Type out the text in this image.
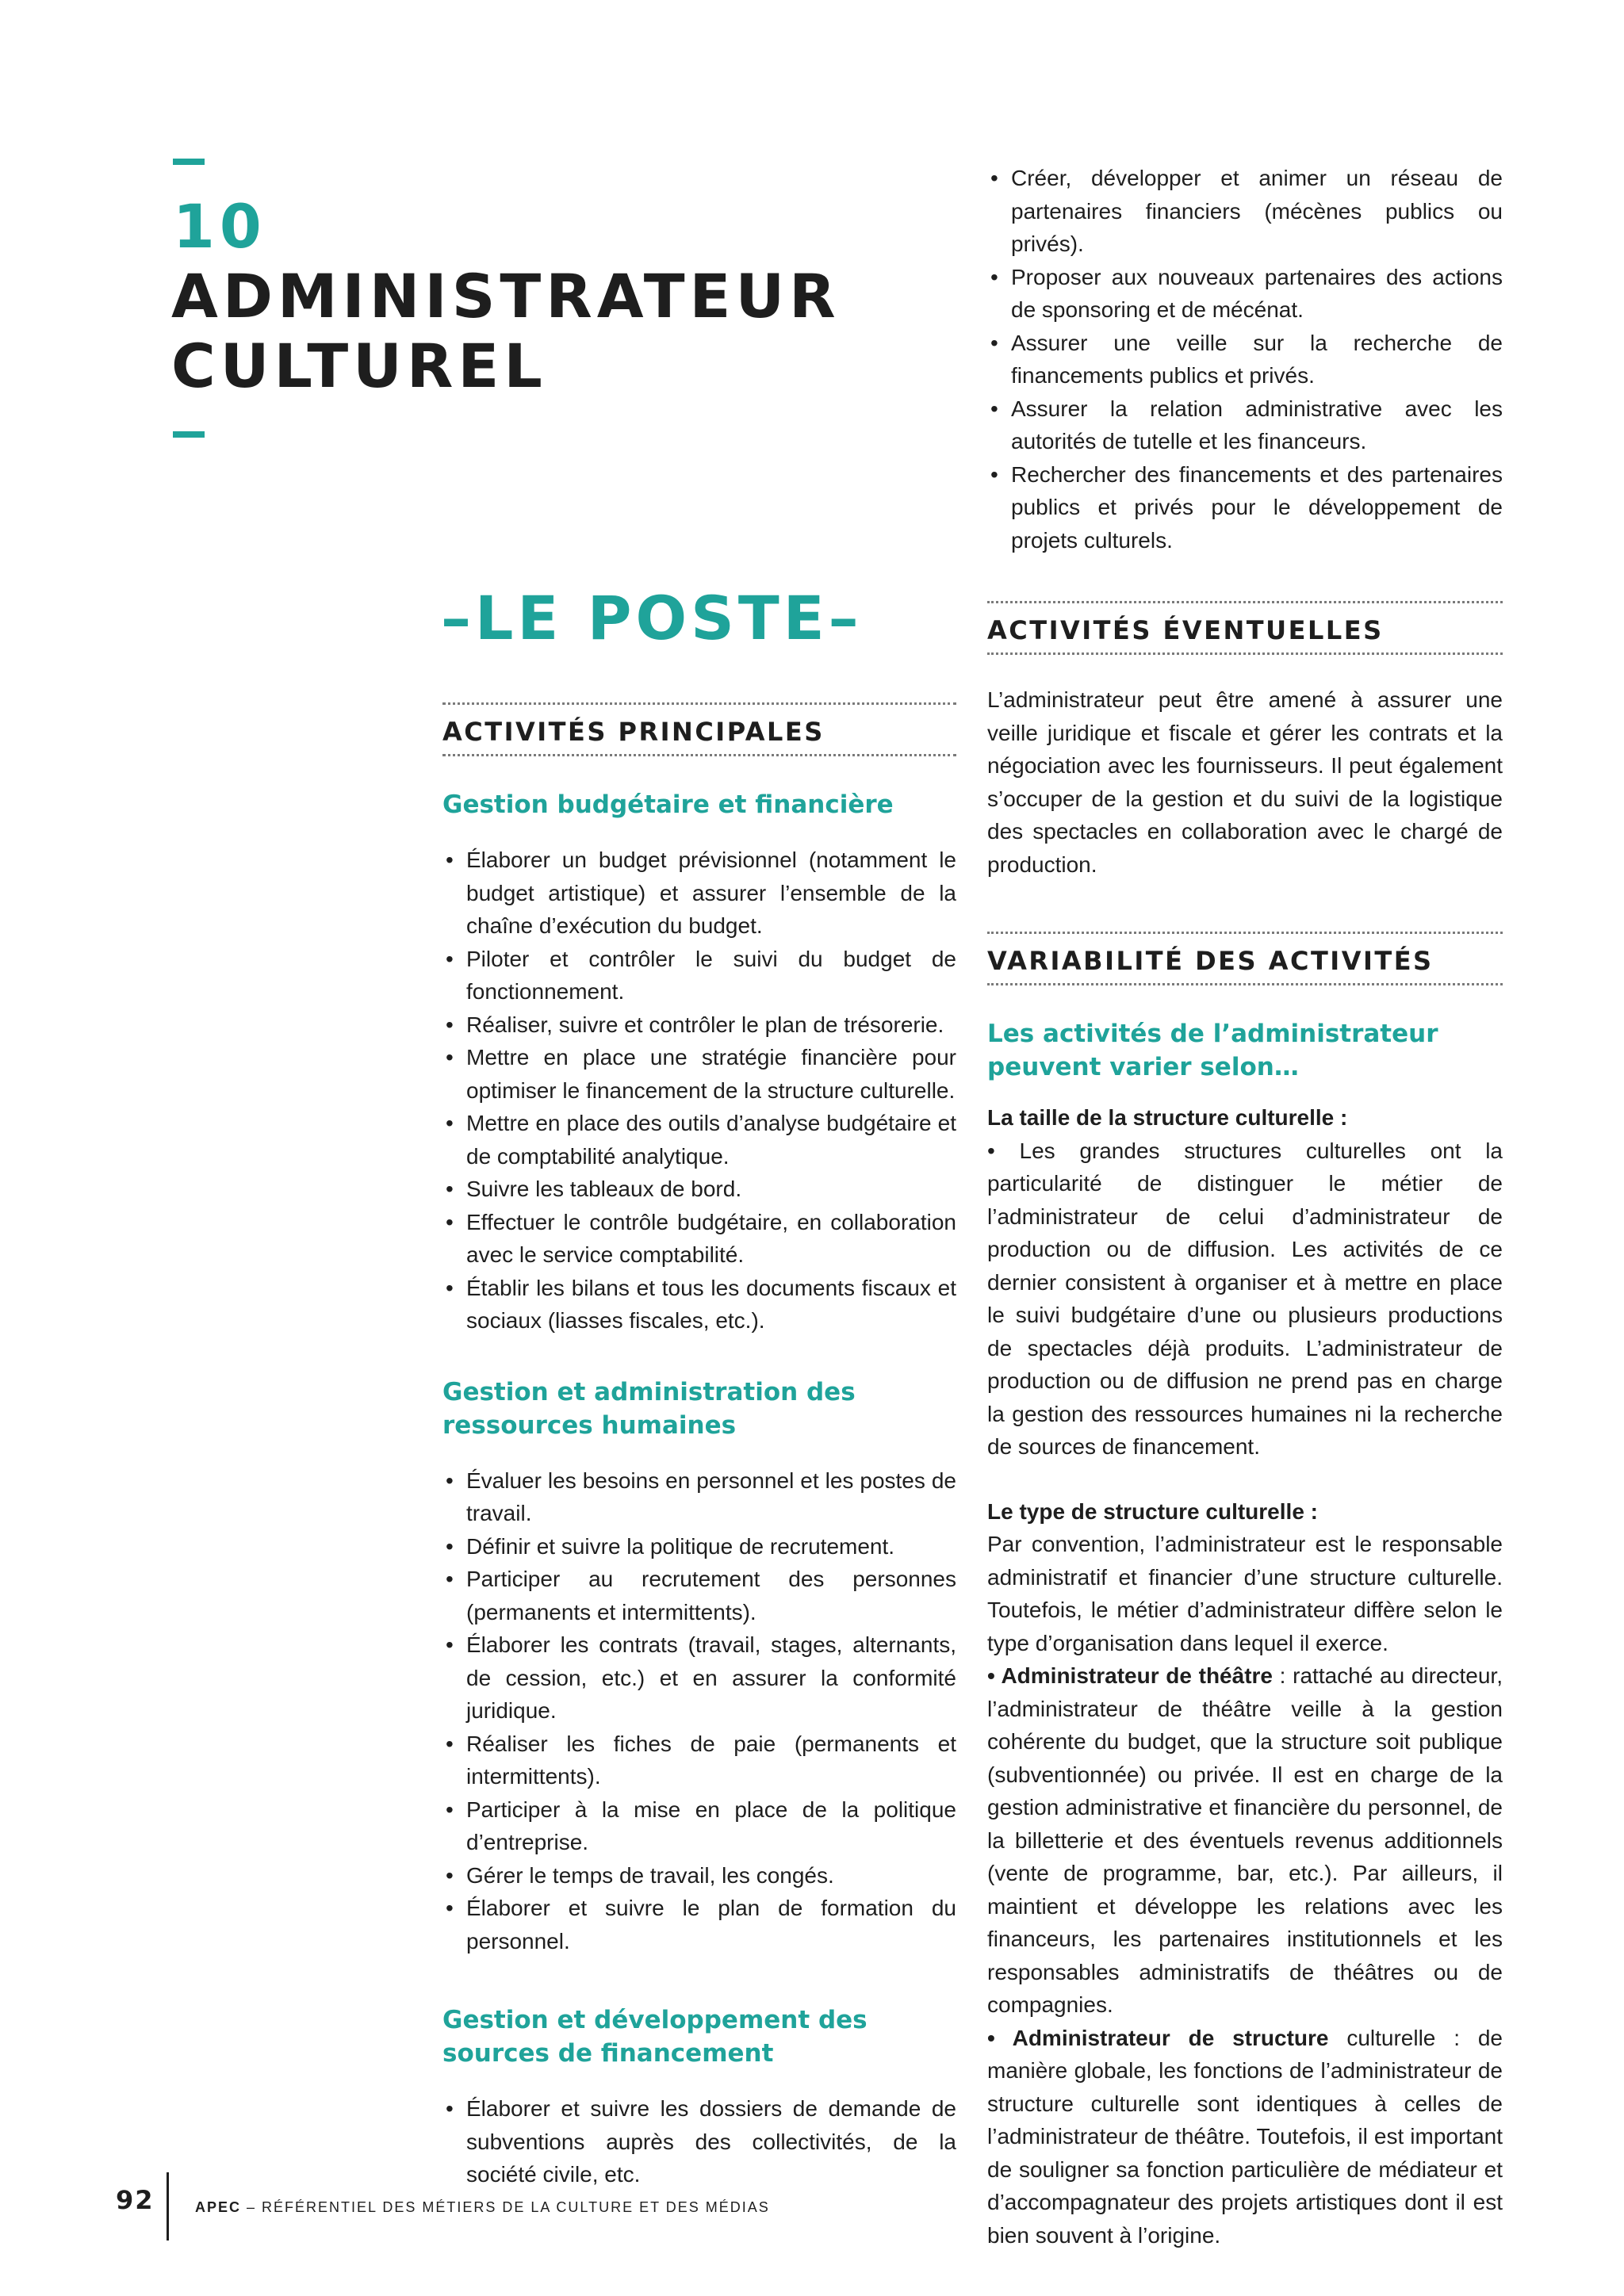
10
ADMINISTRATEUR
CULTUREL
–LE POSTE–
ACTIVITÉS PRINCIPALES
Gestion budgétaire et financière
• Élaborer un budget prévisionnel (notamment le budget artistique) et assurer l’ensemble de la chaîne d’exécution du budget.
• Piloter et contrôler le suivi du budget de fonctionnement.
• Réaliser, suivre et contrôler le plan de trésorerie.
• Mettre en place une stratégie financière pour optimiser le financement de la structure culturelle.
• Mettre en place des outils d’analyse budgétaire et de comptabilité analytique.
• Suivre les tableaux de bord.
• Effectuer le contrôle budgétaire, en collaboration avec le service comptabilité.
• Établir les bilans et tous les documents fiscaux et sociaux (liasses fiscales, etc.).
Gestion et administration des ressources humaines
• Évaluer les besoins en personnel et les postes de travail.
• Définir et suivre la politique de recrutement.
• Participer au recrutement des personnes (permanents et intermittents).
• Élaborer les contrats (travail, stages, alternants, de cession, etc.) et en assurer la conformité juridique.
• Réaliser les fiches de paie (permanents et intermittents).
• Participer à la mise en place de la politique d’entreprise.
• Gérer le temps de travail, les congés.
• Élaborer et suivre le plan de formation du personnel.
Gestion et développement des sources de financement
• Élaborer et suivre les dossiers de demande de subventions auprès des collectivités, de la société civile, etc.
• Créer, développer et animer un réseau de partenaires financiers (mécènes publics ou privés).
• Proposer aux nouveaux partenaires des actions de sponsoring et de mécénat.
• Assurer une veille sur la recherche de financements publics et privés.
• Assurer la relation administrative avec les autorités de tutelle et les financeurs.
• Rechercher des financements et des partenaires publics et privés pour le développement de projets culturels.
ACTIVITÉS ÉVENTUELLES

L’administrateur peut être amené à assurer une veille juridique et fiscale et gérer les contrats et la négociation avec les fournisseurs. Il peut également s’occuper de la gestion et du suivi de la logistique des spectacles en collaboration avec le chargé de production.

VARIABILITÉ DES ACTIVITÉS
Les activités de l’administrateur peuvent varier selon…
La taille de la structure culturelle :

• Les grandes structures culturelles ont la particularité de distinguer le métier de l’administrateur de celui d’administrateur de production ou de diffusion. Les activités de ce dernier consistent à organiser et à mettre en place le suivi budgétaire d’une ou plusieurs productions de spectacles déjà produits. L’administrateur de production ou de diffusion ne prend pas en charge la gestion des ressources humaines ni la recherche de sources de financement.

Le type de structure culturelle :

Par convention, l’administrateur est le responsable administratif et financier d’une structure culturelle. Toutefois, le métier d’administrateur diffère selon le type d’organisation dans lequel il exerce.

• Administrateur de théâtre : rattaché au directeur, l’administrateur de théâtre veille à la gestion cohérente du budget, que la structure soit publique (subventionnée) ou privée. Il est en charge de la gestion administrative et financière du personnel, de la billetterie et des éventuels revenus additionnels (vente de programme, bar, etc.). Par ailleurs, il maintient et développe les relations avec les financeurs, les partenaires institutionnels et les responsables administratifs de théâtres ou de compagnies.

• Administrateur de structure culturelle : de manière globale, les fonctions de l’administrateur de structure culturelle sont identiques à celles de l’administrateur de théâtre. Toutefois, il est important de souligner sa fonction particulière de médiateur et d’accompagnateur des projets artistiques dont il est bien souvent à l’origine.

92	APEC – RÉFÉRENTIEL DES MÉTIERS DE LA CULTURE ET DES MÉDIAS
